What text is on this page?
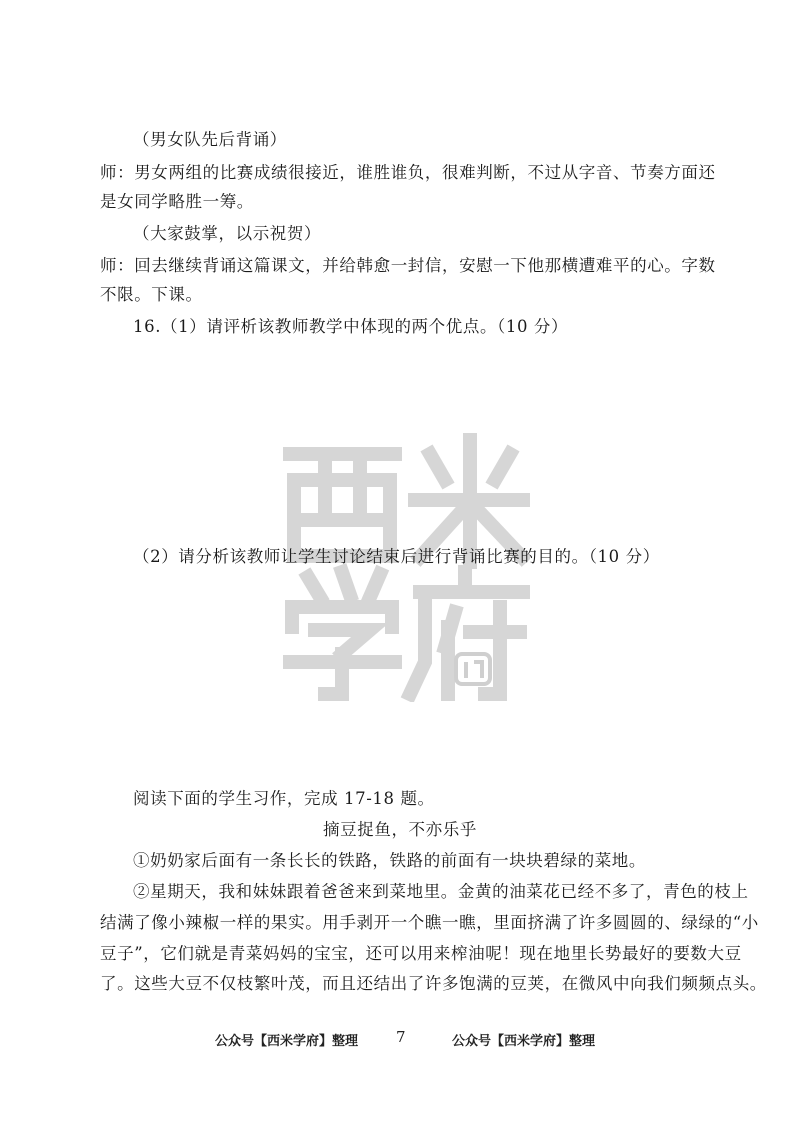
（男女队先后背诵）
师：男女两组的比赛成绩很接近，谁胜谁负，很难判断，不过从字音、节奏方面还
是女同学略胜一筹。
（大家鼓掌，以示祝贺）
师：回去继续背诵这篇课文，并给韩愈一封信，安慰一下他那横遭难平的心。字数
不限。下课。
16.（1）请评析该教师教学中体现的两个优点。（10 分）
（2）请分析该教师让学生讨论结束后进行背诵比赛的目的。（10 分）
阅读下面的学生习作，完成 17-18 题。
摘豆捉鱼，不亦乐乎
①奶奶家后面有一条长长的铁路，铁路的前面有一块块碧绿的菜地。
②星期天，我和妹妹跟着爸爸来到菜地里。金黄的油菜花已经不多了，青色的枝上
结满了像小辣椒一样的果实。用手剥开一个瞧一瞧，里面挤满了许多圆圆的、绿绿的“小
豆子”，它们就是青菜妈妈的宝宝，还可以用来榨油呢！现在地里长势最好的要数大豆
了。这些大豆不仅枝繁叶茂，而且还结出了许多饱满的豆荚，在微风中向我们频频点头。
公众号【西米学府】整理	7	公众号【西米学府】整理
